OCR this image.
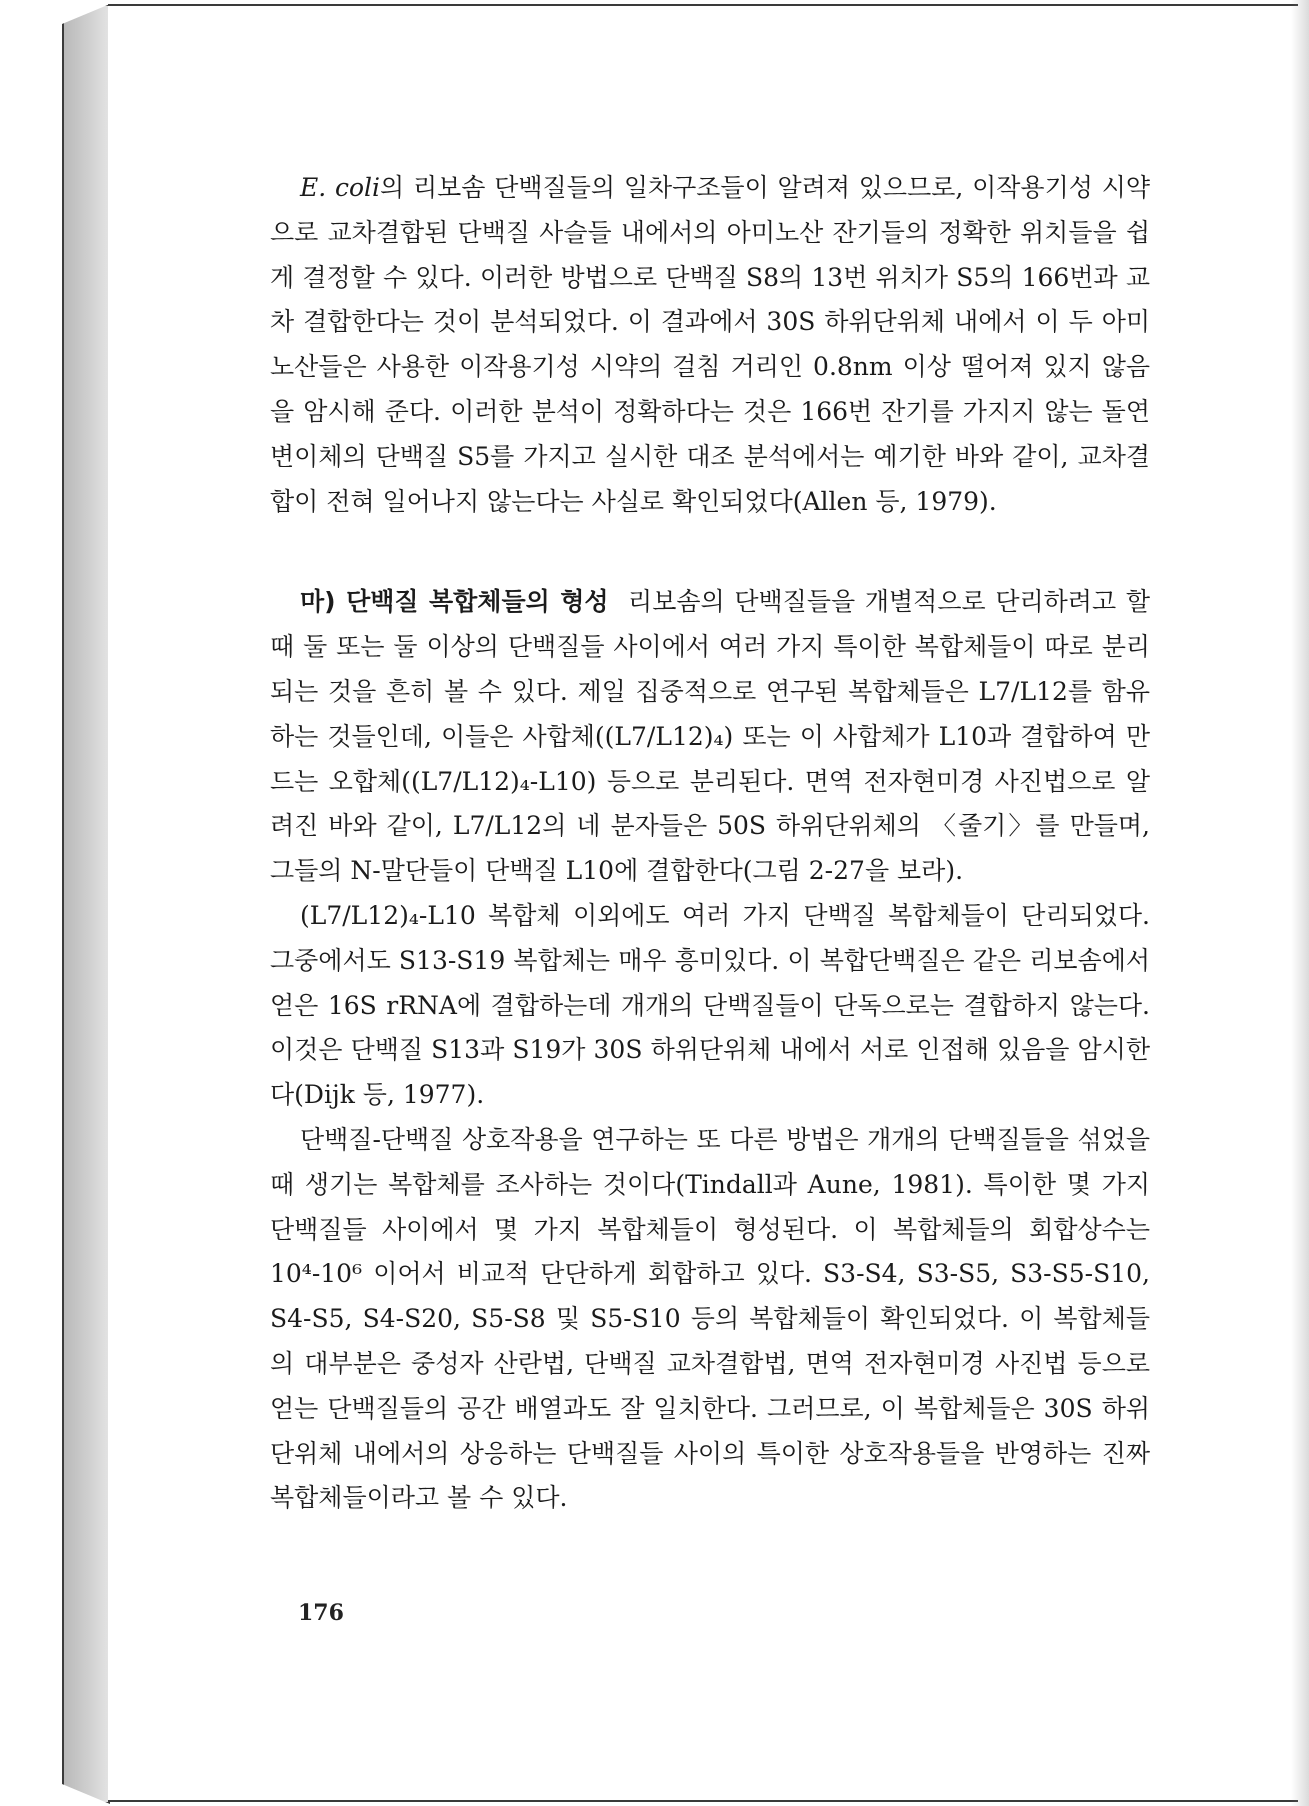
E. coli의 리보솜 단백질들의 일차구조들이 알려져 있으므로, 이작용기성 시약으로 교차결합된 단백질 사슬들 내에서의 아미노산 잔기들의 정확한 위치들을 쉽게 결정할 수 있다. 이러한 방법으로 단백질 S8의 13번 위치가 S5의 166번과 교차 결합한다는 것이 분석되었다. 이 결과에서 30S 하위단위체 내에서 이 두 아미노산들은 사용한 이작용기성 시약의 걸침 거리인 0.8nm 이상 떨어져 있지 않음을 암시해 준다. 이러한 분석이 정확하다는 것은 166번 잔기를 가지지 않는 돌연변이체의 단백질 S5를 가지고 실시한 대조 분석에서는 예기한 바와 같이, 교차결합이 전혀 일어나지 않는다는 사실로 확인되었다(Allen 등, 1979).

마) 단백질 복합체들의 형성 리보솜의 단백질들을 개별적으로 단리하려고 할 때 둘 또는 둘 이상의 단백질들 사이에서 여러 가지 특이한 복합체들이 따로 분리되는 것을 흔히 볼 수 있다. 제일 집중적으로 연구된 복합체들은 L7/L12를 함유하는 것들인데, 이들은 사합체((L7/L12)₄) 또는 이 사합체가 L10과 결합하여 만드는 오합체((L7/L12)₄-L10) 등으로 분리된다. 면역 전자현미경 사진법으로 알려진 바와 같이, L7/L12의 네 분자들은 50S 하위단위체의 〈줄기〉를 만들며, 그들의 N-말단들이 단백질 L10에 결합한다(그림 2-27을 보라).

(L7/L12)₄-L10 복합체 이외에도 여러 가지 단백질 복합체들이 단리되었다. 그중에서도 S13-S19 복합체는 매우 흥미있다. 이 복합단백질은 같은 리보솜에서 얻은 16S rRNA에 결합하는데 개개의 단백질들이 단독으로는 결합하지 않는다. 이것은 단백질 S13과 S19가 30S 하위단위체 내에서 서로 인접해 있음을 암시한다(Dijk 등, 1977).

단백질-단백질 상호작용을 연구하는 또 다른 방법은 개개의 단백질들을 섞었을 때 생기는 복합체를 조사하는 것이다(Tindall과 Aune, 1981). 특이한 몇 가지 단백질들 사이에서 몇 가지 복합체들이 형성된다. 이 복합체들의 회합상수는 10⁴-10⁶ 이어서 비교적 단단하게 회합하고 있다. S3-S4, S3-S5, S3-S5-S10, S4-S5, S4-S20, S5-S8 및 S5-S10 등의 복합체들이 확인되었다. 이 복합체들의 대부분은 중성자 산란법, 단백질 교차결합법, 면역 전자현미경 사진법 등으로 얻는 단백질들의 공간 배열과도 잘 일치한다. 그러므로, 이 복합체들은 30S 하위단위체 내에서의 상응하는 단백질들 사이의 특이한 상호작용들을 반영하는 진짜 복합체들이라고 볼 수 있다.

176
